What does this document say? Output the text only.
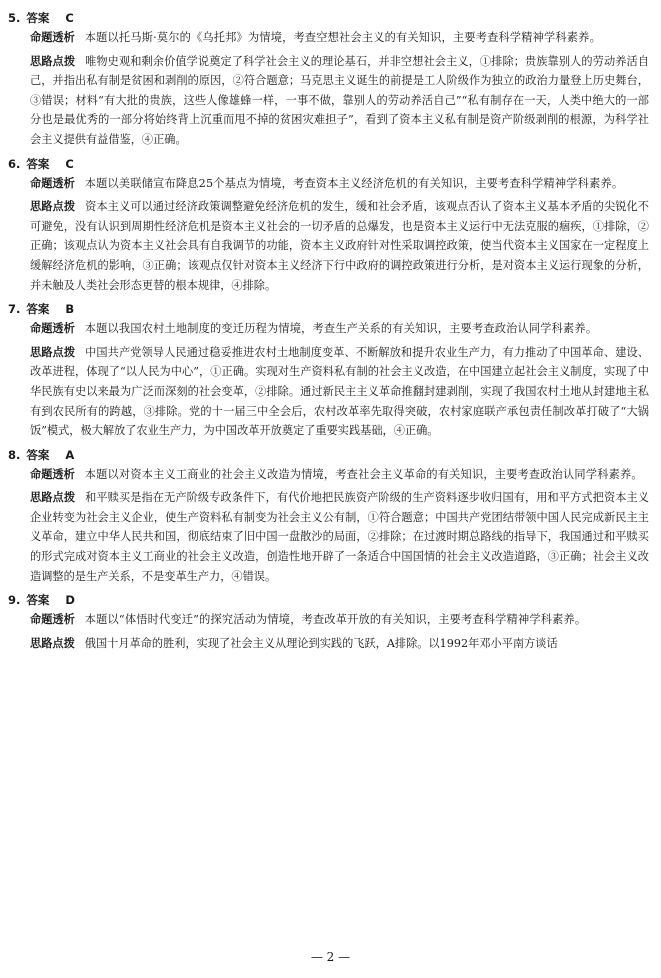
5. 答案 C
命题透析 本题以托马斯·莫尔的《乌托邦》为情境，考查空想社会主义的有关知识，主要考查科学精神学科素养。
思路点拨 唯物史观和剩余价值学说奠定了科学社会主义的理论基石，并非空想社会主义，①排除；贵族靠别人的劳动养活自己，并指出私有制是贫困和剥削的原因，②符合题意；马克思主义诞生的前提是工人阶级作为独立的政治力量登上历史舞台，③错误；材料“有大批的贵族，这些人像雄蜂一样，一事不做，靠别人的劳动养活自己”“私有制存在一天，人类中绝大的一部分也是最优秀的一部分将始终背上沉重而甩不掉的贫困灾难担子”，看到了资本主义私有制是资产阶级剥削的根源，为科学社会主义提供有益借鉴，④正确。
6. 答案 C
命题透析 本题以美联储宣布降息25个基点为情境，考查资本主义经济危机的有关知识，主要考查科学精神学科素养。
思路点拨 资本主义可以通过经济政策调整避免经济危机的发生，缓和社会矛盾，该观点否认了资本主义基本矛盾的尖锐化不可避免，没有认识到周期性经济危机是资本主义社会的一切矛盾的总爆发，也是资本主义运行中无法克服的痼疾，①排除，②正确；该观点认为资本主义社会具有自我调节的功能，资本主义政府针对性采取调控政策，使当代资本主义国家在一定程度上缓解经济危机的影响，③正确；该观点仅针对资本主义经济下行中政府的调控政策进行分析，是对资本主义运行现象的分析，并未触及人类社会形态更替的根本规律，④排除。
7. 答案 B
命题透析 本题以我国农村土地制度的变迁历程为情境，考查生产关系的有关知识，主要考查政治认同学科素养。
思路点拨 中国共产党领导人民通过稳妥推进农村土地制度变革、不断解放和提升农业生产力，有力推动了中国革命、建设、改革进程，体现了“以人民为中心”，①正确。实现对生产资料私有制的社会主义改造，在中国建立起社会主义制度，实现了中华民族有史以来最为广泛而深刻的社会变革，②排除。通过新民主主义革命推翻封建剥削，实现了我国农村土地从封建地主私有到农民所有的跨越，③排除。党的十一届三中全会后，农村改革率先取得突破，农村家庭联产承包责任制改革打破了“大锅饭”模式，极大解放了农业生产力，为中国改革开放奠定了重要实践基础，④正确。
8. 答案 A
命题透析 本题以对资本主义工商业的社会主义改造为情境，考查社会主义革命的有关知识，主要考查政治认同学科素养。
思路点拨 和平赎买是指在无产阶级专政条件下，有代价地把民族资产阶级的生产资料逐步收归国有，用和平方式把资本主义企业转变为社会主义企业，使生产资料私有制变为社会主义公有制，①符合题意；中国共产党团结带领中国人民完成新民主主义革命，建立中华人民共和国，彻底结束了旧中国一盘散沙的局面，②排除；在过渡时期总路线的指导下，我国通过和平赎买的形式完成对资本主义工商业的社会主义改造，创造性地开辟了一条适合中国国情的社会主义改造道路，③正确；社会主义改造调整的是生产关系，不是变革生产力，④错误。
9. 答案 D
命题透析 本题以“体悟时代变迁”的探究活动为情境，考查改革开放的有关知识，主要考查科学精神学科素养。
思路点拨 俄国十月革命的胜利，实现了社会主义从理论到实践的飞跃，A排除。以1992年邓小平南方谈话
— 2 —
